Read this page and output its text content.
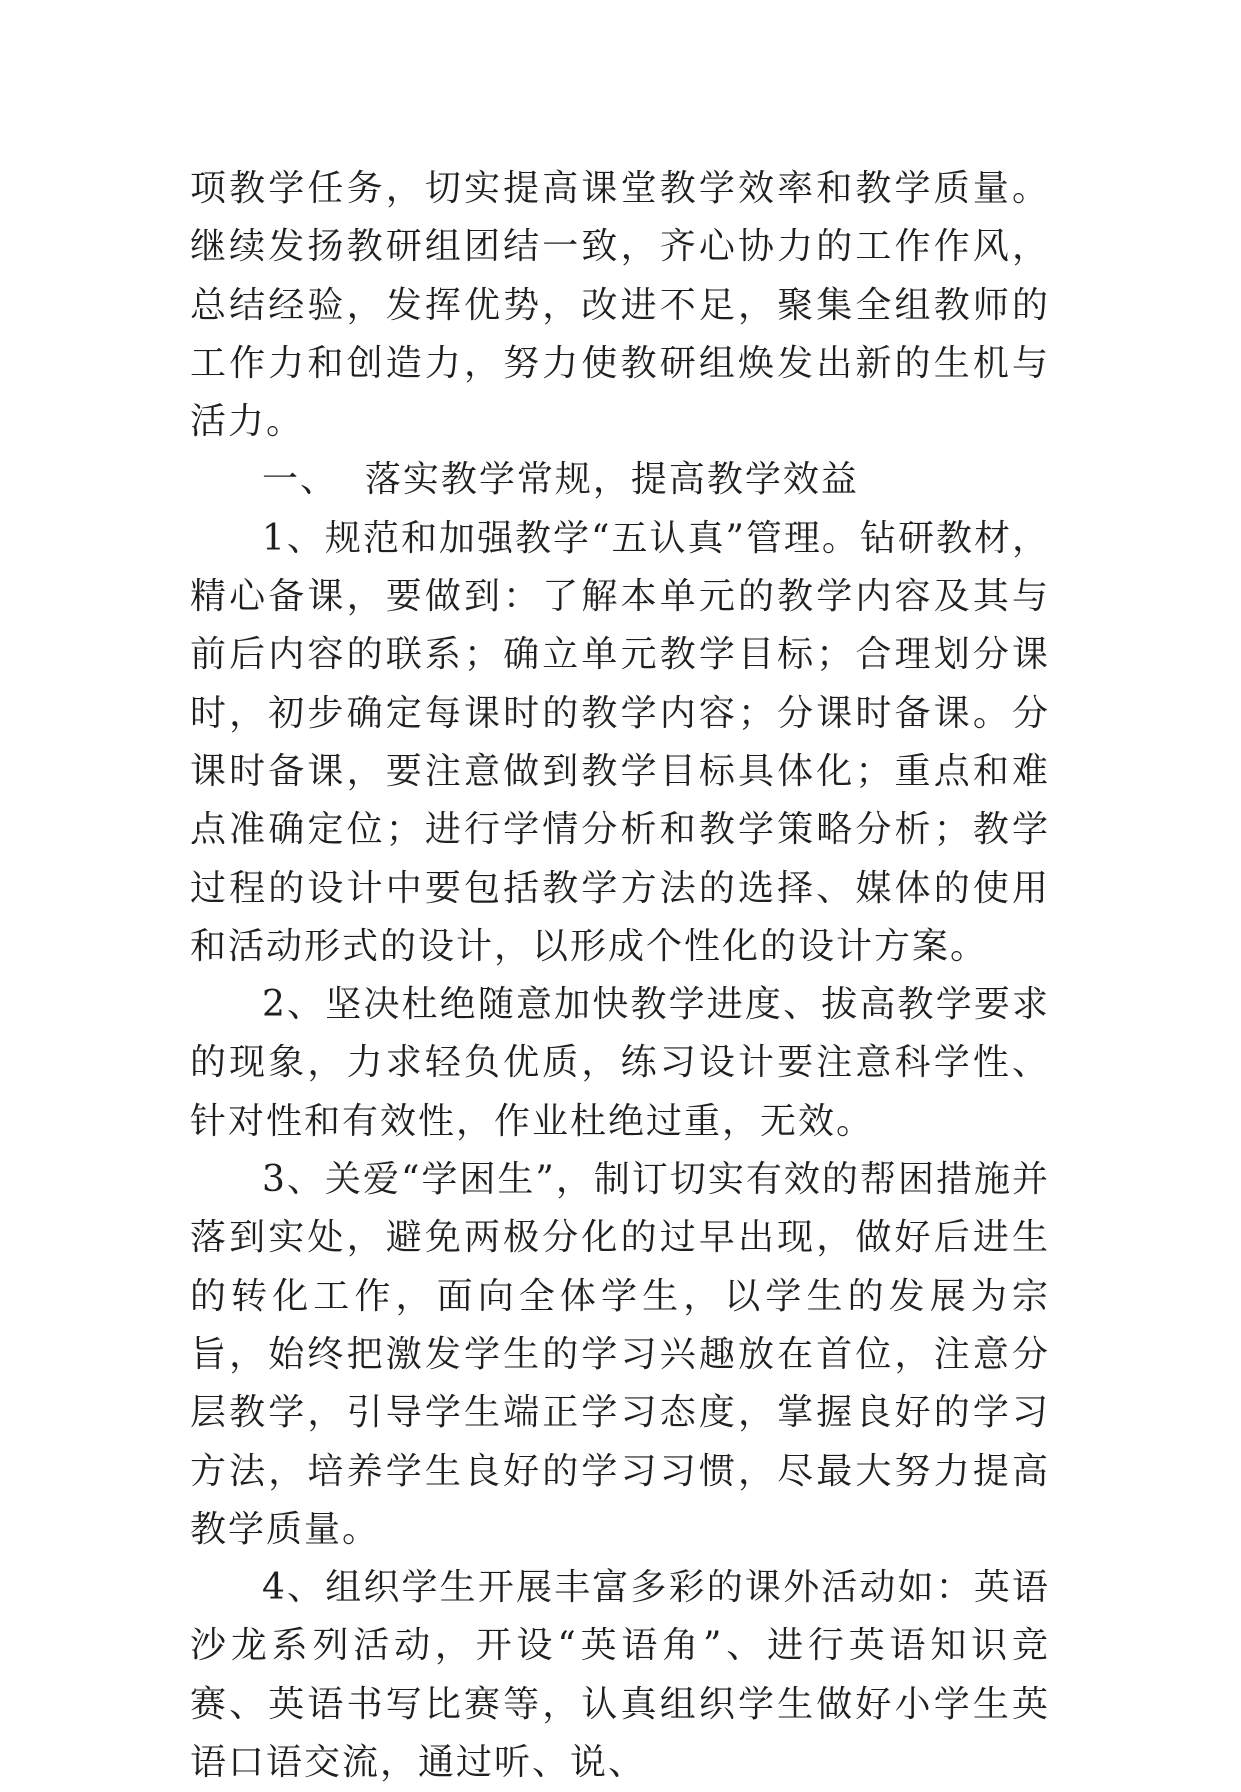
项教学任务，切实提高课堂教学效率和教学质量。继续发扬教研组团结一致，齐心协力的工作作风，总结经验，发挥优势，改进不足，聚集全组教师的工作力和创造力，努力使教研组焕发出新的生机与活力。

一、  落实教学常规，提高教学效益

1、规范和加强教学“五认真”管理。钻研教材，精心备课，要做到：了解本单元的教学内容及其与前后内容的联系；确立单元教学目标；合理划分课时，初步确定每课时的教学内容；分课时备课。分课时备课，要注意做到教学目标具体化；重点和难点准确定位；进行学情分析和教学策略分析；教学过程的设计中要包括教学方法的选择、媒体的使用和活动形式的设计，以形成个性化的设计方案。

2、坚决杜绝随意加快教学进度、拔高教学要求的现象，力求轻负优质，练习设计要注意科学性、针对性和有效性，作业杜绝过重，无效。

3、关爱“学困生”，制订切实有效的帮困措施并落到实处，避免两极分化的过早出现，做好后进生的转化工作，面向全体学生，以学生的发展为宗旨，始终把激发学生的学习兴趣放在首位，注意分层教学，引导学生端正学习态度，掌握良好的学习方法，培养学生良好的学习习惯，尽最大努力提高教学质量。

4、组织学生开展丰富多彩的课外活动如：英语沙龙系列活动，开设“英语角”、进行英语知识竞赛、英语书写比赛等，认真组织学生做好小学生英语口语交流，通过听、说、
